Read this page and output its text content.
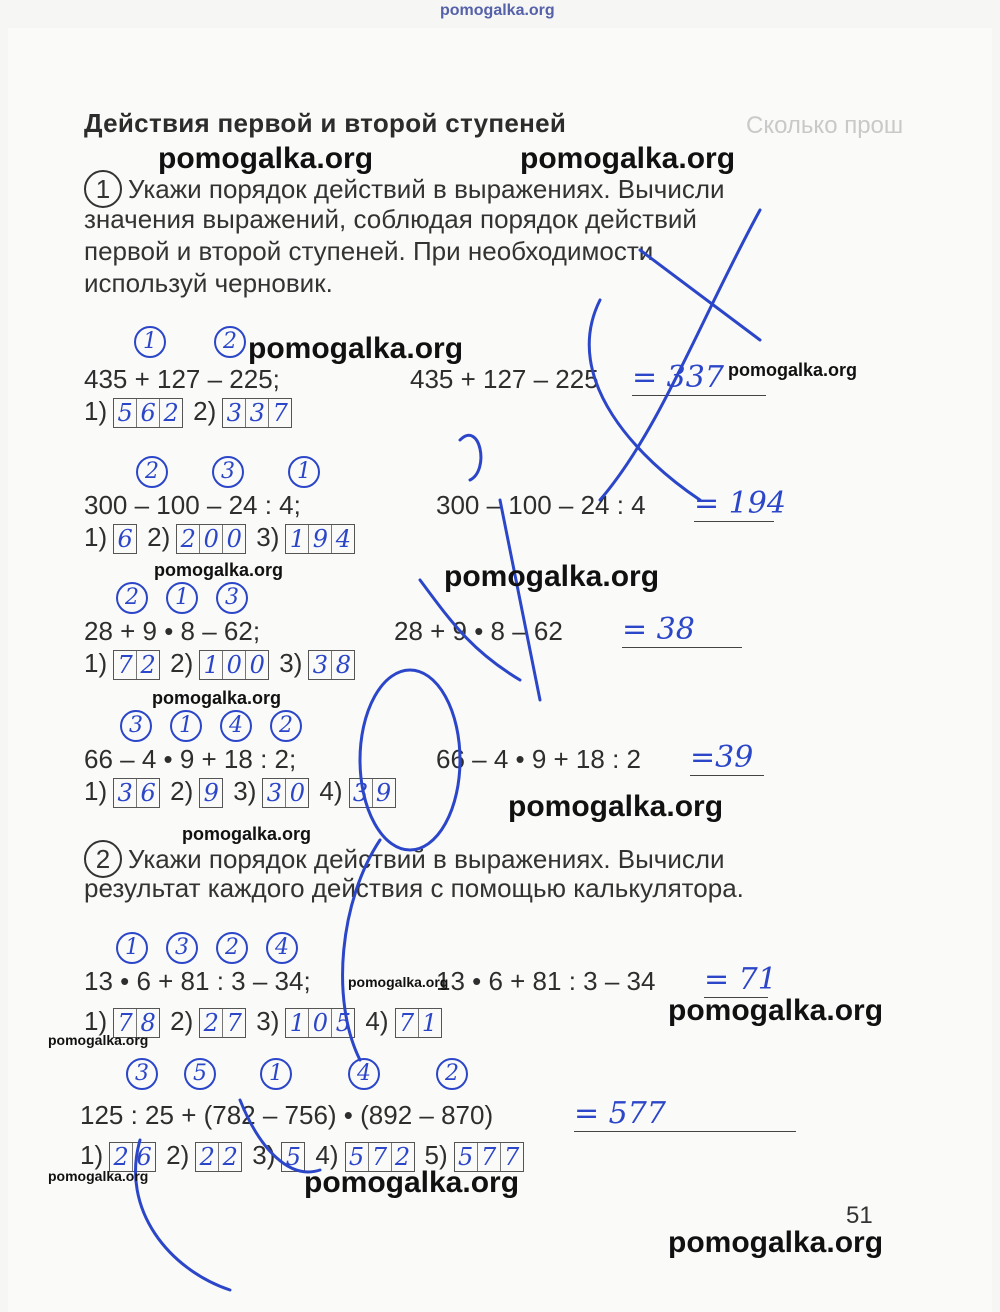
Сколько прош
pomogalka.org
Действия первой и второй ступеней
1 Укажи порядок действий в выражениях. Вычисли
значения выражений, соблюдая порядок действий
первой и второй ступеней. При необходимости
используй черновик.
1	2
435 + 127 – 225;	435 + 127 – 225 = 337
1) 5 6 2 2) 3 3 7
2	3	1
300 – 100 – 24 : 4;	300 – 100 – 24 : 4 = 194
1) 6 2) 2 0 0 3) 1 9 4
2 1 3
28 + 9 • 8 – 62;	28 + 9 • 8 – 62 = 38
1) 7 2 2) 1 0 0 3) 3 8
3 1 4 2
66 – 4 • 9 + 18 : 2;	66 – 4 • 9 + 18 : 2 =39
1) 3 6 2) 9 3) 3 0 4) 3 9
2 Укажи порядок действий в выражениях. Вычисли
результат каждого действия с помощью калькулятора.
1 3 2 4
13 • 6 + 81 : 3 – 34;	13 • 6 + 81 : 3 – 34 = 71
1) 7 8 2) 2 7 3) 1 0 5 4) 7 1
3 5	1	4	2
125 : 25 + (782 – 756) • (892 – 870)	= 577
1) 2 6 2) 2 2 3) 5 4) 5 7 2 5) 5 7 7
51
pomogalka.org	pomogalka.org
pomogalka.org
pomogalka.org
pomogalka.org	pomogalka.org
pomogalka.org
pomogalka.org
pomogalka.org
pomogalka.org
pomogalka.org
pomogalka.org
pomogalka.org	pomogalka.org
pomogalka.org
